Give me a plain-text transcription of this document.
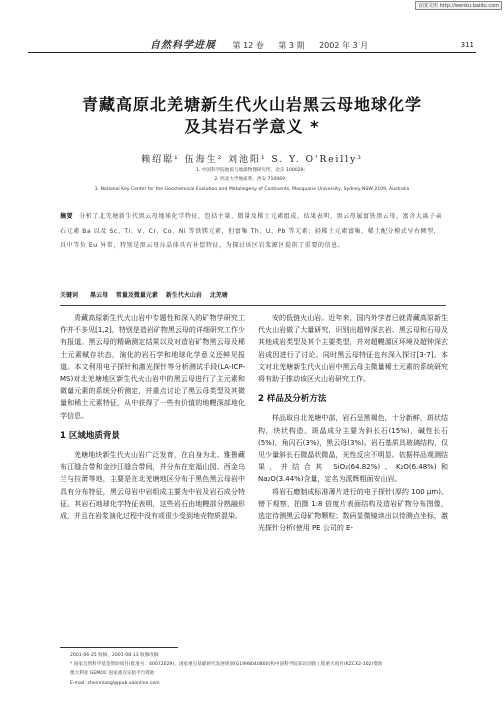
百度文库 http://wenku.baidu.com
自然科学进展 第 12 卷 第 3 期 2002 年 3 月	311
青藏高原北羌塘新生代火山岩黑云母地球化学
及其岩石学意义 *
赖绍聪¹ 伍海生² 刘池阳¹ S. Y. O'Reilly³
1. 中国科学院地质与地球物理研究所，北京 100029；
2. 西北大学地质系，西安 710069；
3. National Key Center for the Geochemical Evolution and Metallogeny of Continents, Macquarie University, Sydney NSW 2109, Australia
摘要 分析了北羌塘新生代黑云母地球化学特征，包括主量、微量及稀土元素组成，结果表明，黑云母属富铁黑云母，富含大离子亲石元素 Ba 以及 Sc、Ti、V、Cr、Co、Ni 等铁镁元素，但富集 Th、U、Pb 等元素；轻稀土元素富集，稀土配分模式呈右倾型，具中等负 Eu 异常，特别是黑云母斥晶体具有补偿特征，为探讨该区岩浆源区提供了重要的信息。
关键词 黑云母 常量及微量元素 新生代火山岩 北羌塘

青藏高原新生代火山岩中专题性和深入的矿物学研究工作并不多见[1,2]，特别是造岩矿物黑云母的详细研究工作少有报道。黑云母的精确测定结果以及对造岩矿物黑云母及稀土元素赋存状态，演化的岩石学和地球化学意义还鲜见报道。本文利用电子探针和激光探针等分析测试手段(LA-ICP-MS)对北羌塘地区新生代火山岩中的黑云母进行了主元素和微量元素的系统分析测定，并重点讨论了黑云母类型及其微量和稀土元素特征，从中获得了一些有价值的地幔深部地化学信息。

1 区域地质背景

羌塘地块新生代火山岩广泛发育，在自身为北、雅鲁藏布江缝合带和金沙江缝合带间，并分布在室福山园、西金乌兰与拉萧等地，主要是在北羌塘地区分布于黑色黑云母岩中具有分布特征，黑云母岩中岩组成主要为中岩及岩石成分特征。其岩石地球化学特征表明，这些岩石由地幔部分熟融形成，并且在岩浆演化过程中没有或很少受到地壳物质混染。

安的低链火山岩。近年来，国内外学者已就青藏高原新生代火山岩做了大量研究，识别出超钟深玄岩、黑云母和石母及其他成岩类型及其个主要类型，并对超幔源区环境及超钟深玄岩成因进行了讨论。同时黑云母特征也有深入探讨[3-7]。本文对北羌塘新生代火山岩中黑云母主微量稀土元素的系统研究将有助于推动该区火山岩研究工作。

2 样品及分析方法

样品取自北羌塘中部，岩石呈黑褐色，十分新鲜，斑状结构，块状构造。斑晶成分主要为斜长石(15%)，碱性长石(5%)，角闪石(3%)，黑云母(3%)。岩石基质具玻璃结构，仅见少量斜长石微晶状微晶，光性反应不明显。依据样品观测结果，并结合其 SiO₂(64.82%)、K₂O(6.48%)和 Na₂O(3.44%)含量，定名为派辉粗面安山岩。

将岩石磨制成标准薄片进行的电子探针(厚约 100 μm)。镑下观察，拍摄 1:8 倍度片表面结构及造岩矿物分布图像，选定待测黑云母矿物颗粒；数码显微镜读出以待测点坐标，激光探针分析(使用 PE 公司的 E-

2001-06-25 收稿，2001-08-13 收修改稿
* 国家自然科学基金资助项目(批准号：40072029)、国家重点基础研究发展规划(G1998040800)和中国科学院知识创新工程重大项目(KZCX2-102)资助
澳大利亚 GEMOC 国家重点实验平台资助
E-mail: zhenmiaogi@pub.xaonline.com
